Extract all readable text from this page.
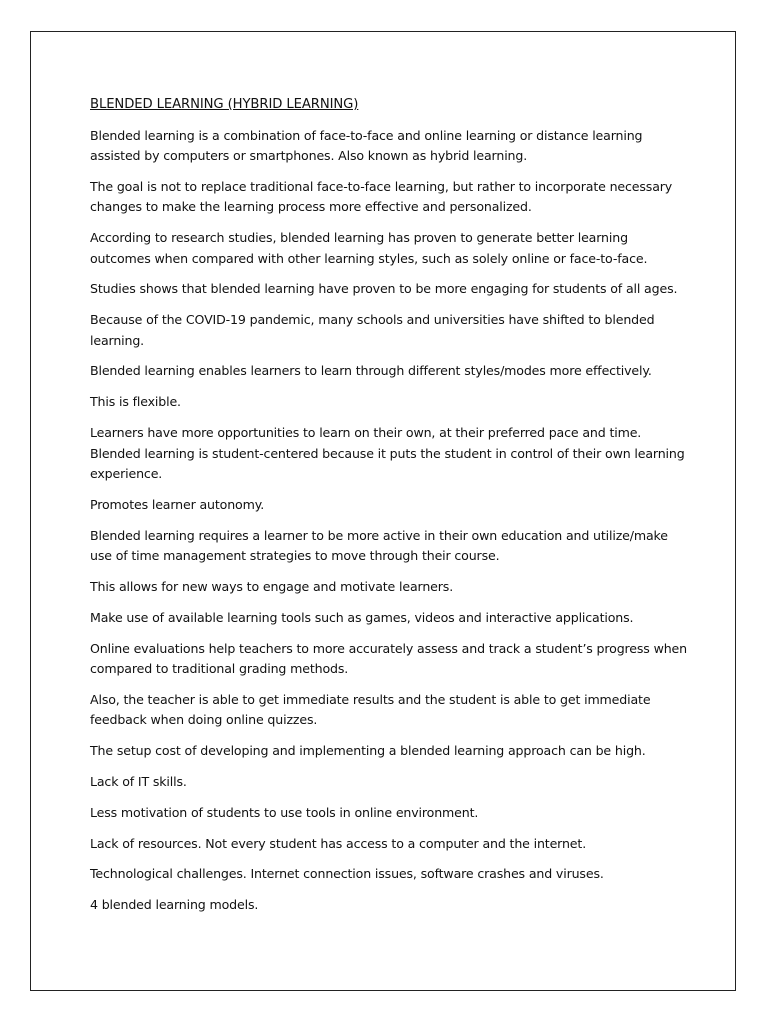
BLENDED LEARNING (HYBRID LEARNING)

Blended learning is a combination of face-to-face and online learning or distance learning assisted by computers or smartphones. Also known as hybrid learning.

The goal is not to replace traditional face-to-face learning, but rather to incorporate necessary changes to make the learning process more effective and personalized.

According to research studies, blended learning has proven to generate better learning outcomes when compared with other learning styles, such as solely online or face-to-face.

Studies shows that blended learning have proven to be more engaging for students of all ages.

Because of the COVID-19 pandemic, many schools and universities have shifted to blended learning.

Blended learning enables learners to learn through different styles/modes more effectively.

This is flexible.

Learners have more opportunities to learn on their own, at their preferred pace and time. Blended learning is student-centered because it puts the student in control of their own learning experience.

Promotes learner autonomy.

Blended learning requires a learner to be more active in their own education and utilize/make use of time management strategies to move through their course.

This allows for new ways to engage and motivate learners.

Make use of available learning tools such as games, videos and interactive applications.

Online evaluations help teachers to more accurately assess and track a student’s progress when compared to traditional grading methods.

Also, the teacher is able to get immediate results and the student is able to get immediate feedback when doing online quizzes.

The setup cost of developing and implementing a blended learning approach can be high.

Lack of IT skills.

Less motivation of students to use tools in online environment.

Lack of resources. Not every student has access to a computer and the internet.

Technological challenges. Internet connection issues, software crashes and viruses.

4 blended learning models.
